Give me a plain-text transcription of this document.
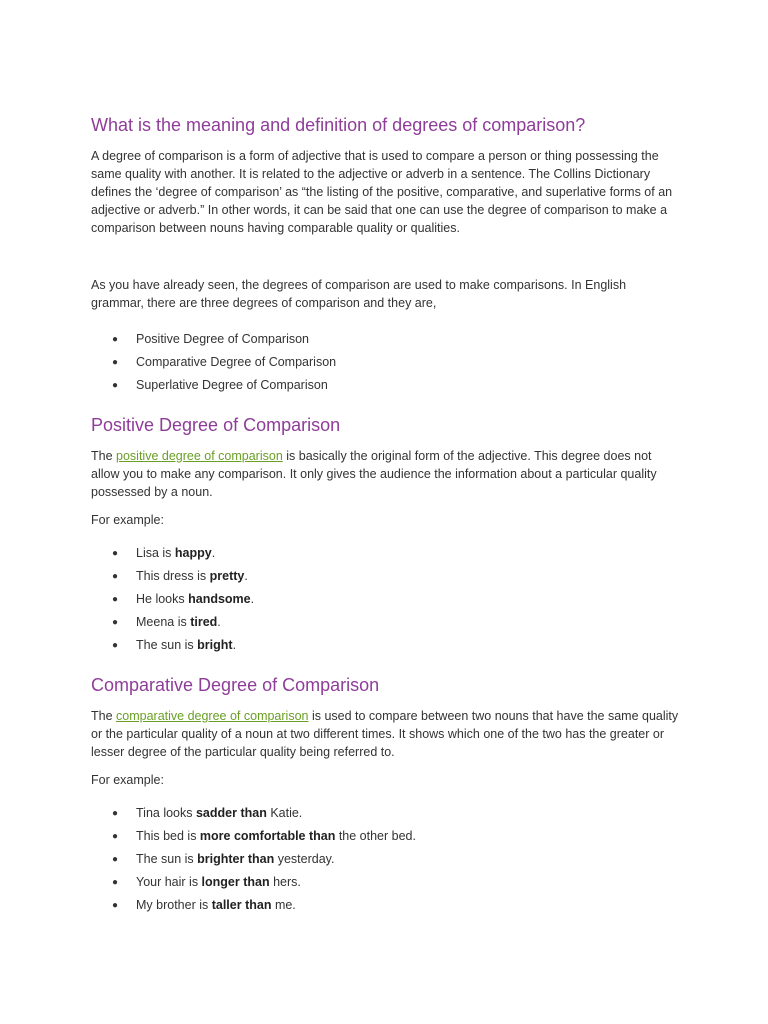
What is the meaning and definition of degrees of comparison?

A degree of comparison is a form of adjective that is used to compare a person or thing possessing the same quality with another. It is related to the adjective or adverb in a sentence. The Collins Dictionary defines the ‘degree of comparison’ as “the listing of the positive, comparative, and superlative forms of an adjective or adverb.” In other words, it can be said that one can use the degree of comparison to make a comparison between nouns having comparable quality or qualities.

As you have already seen, the degrees of comparison are used to make comparisons. In English grammar, there are three degrees of comparison and they are,

● Positive Degree of Comparison
● Comparative Degree of Comparison
● Superlative Degree of Comparison
Positive Degree of Comparison

The positive degree of comparison is basically the original form of the adjective. This degree does not allow you to make any comparison. It only gives the audience the information about a particular quality possessed by a noun.

For example:

● Lisa is happy.
● This dress is pretty.
● He looks handsome.
● Meena is tired.
● The sun is bright.
Comparative Degree of Comparison

The comparative degree of comparison is used to compare between two nouns that have the same quality or the particular quality of a noun at two different times. It shows which one of the two has the greater or lesser degree of the particular quality being referred to.

For example:

● Tina looks sadder than Katie.
● This bed is more comfortable than the other bed.
● The sun is brighter than yesterday.
● Your hair is longer than hers.
● My brother is taller than me.
